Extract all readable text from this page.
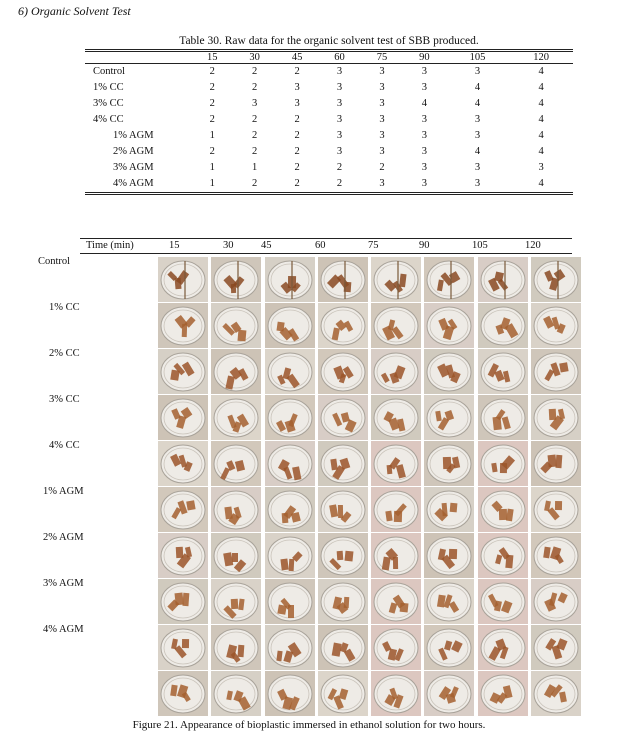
6) Organic Solvent Test
Table 30. Raw data for the organic solvent test of SBB produced.
	15	30	45	60	75	90	105	120
Control	2	2	2	3	3	3	3	4
1% CC	2	2	3	3	3	3	4	4
3% CC	2	3	3	3	3	4	4	4
4% CC	2	2	2	3	3	3	3	4
1% AGM	1	2	2	3	3	3	3	4
2% AGM	2	2	2	3	3	3	4	4
3% AGM	1	1	2	2	2	3	3	3
4% AGM	1	2	2	2	3	3	3	4
Time (min)	15	30	45	60	75	90	105	120
Control
1% CC
2% CC
3% CC
4% CC
1% AGM
2% AGM
3% AGM
4% AGM
Figure 21. Appearance of bioplastic immersed in ethanol solution for two hours.
